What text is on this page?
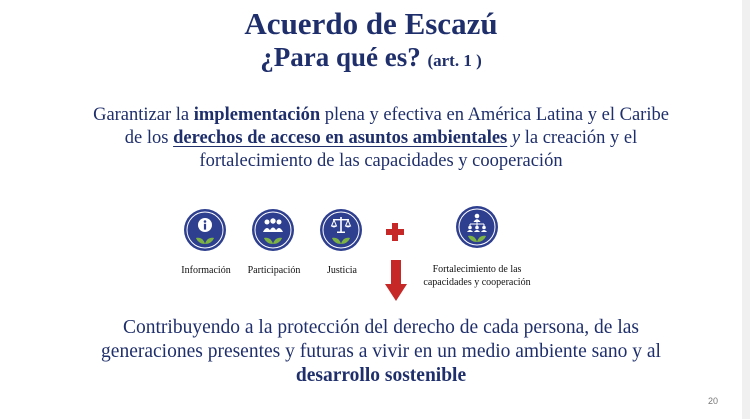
Acuerdo de Escazú
¿Para qué es? (art. 1 )
Garantizar la implementación plena y efectiva en América Latina y el Caribe
de los derechos de acceso en asuntos ambientales y la creación y el
fortalecimiento de las capacidades y cooperación
Información	Participación	Justicia	Fortalecimiento de las
capacidades y cooperación
Contribuyendo a la protección del derecho de cada persona, de las
generaciones presentes y futuras a vivir en un medio ambiente sano y al
desarrollo sostenible
20
